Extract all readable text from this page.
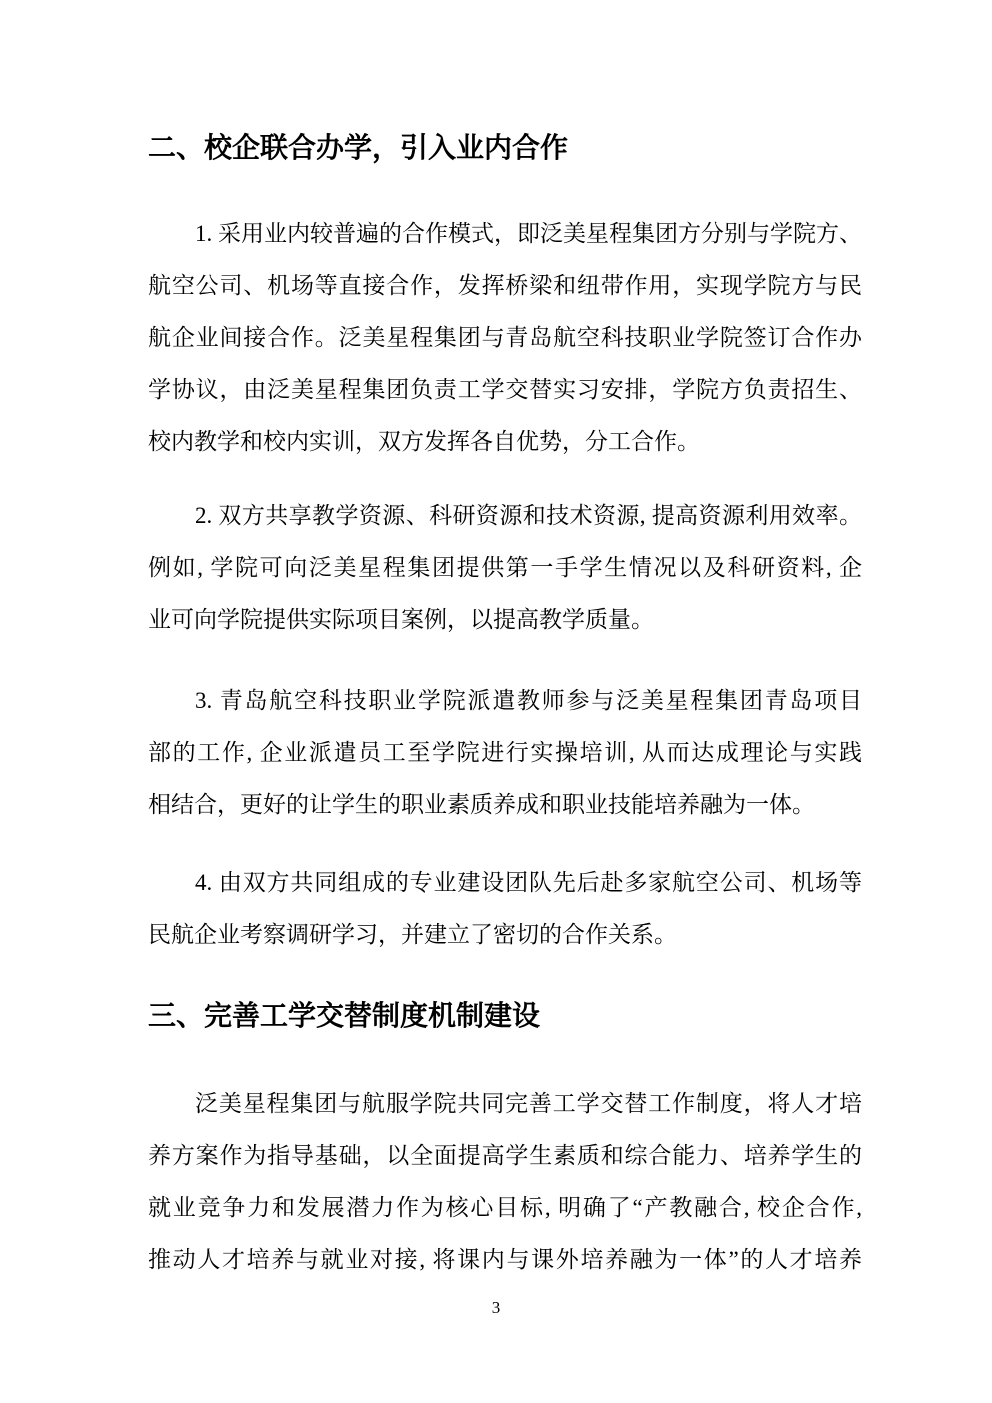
二、校企联合办学，引入业内合作
1. 采用业内较普遍的合作模式，即泛美星程集团方分别与学院方、
航空公司、机场等直接合作，发挥桥梁和纽带作用，实现学院方与民
航企业间接合作。泛美星程集团与青岛航空科技职业学院签订合作办
学协议，由泛美星程集团负责工学交替实习安排，学院方负责招生、
校内教学和校内实训，双方发挥各自优势，分工合作。
2. 双方共享教学资源、科研资源和技术资源, 提高资源利用效率。
例如, 学院可向泛美星程集团提供第一手学生情况以及科研资料, 企
业可向学院提供实际项目案例，以提高教学质量。
3. 青岛航空科技职业学院派遣教师参与泛美星程集团青岛项目
部的工作, 企业派遣员工至学院进行实操培训, 从而达成理论与实践
相结合，更好的让学生的职业素质养成和职业技能培养融为一体。
4. 由双方共同组成的专业建设团队先后赴多家航空公司、机场等
民航企业考察调研学习，并建立了密切的合作关系。
三、完善工学交替制度机制建设
泛美星程集团与航服学院共同完善工学交替工作制度，将人才培
养方案作为指导基础，以全面提高学生素质和综合能力、培养学生的
就业竞争力和发展潜力作为核心目标, 明确了“产教融合, 校企合作,
推动人才培养与就业对接, 将课内与课外培养融为一体”的人才培养
3
